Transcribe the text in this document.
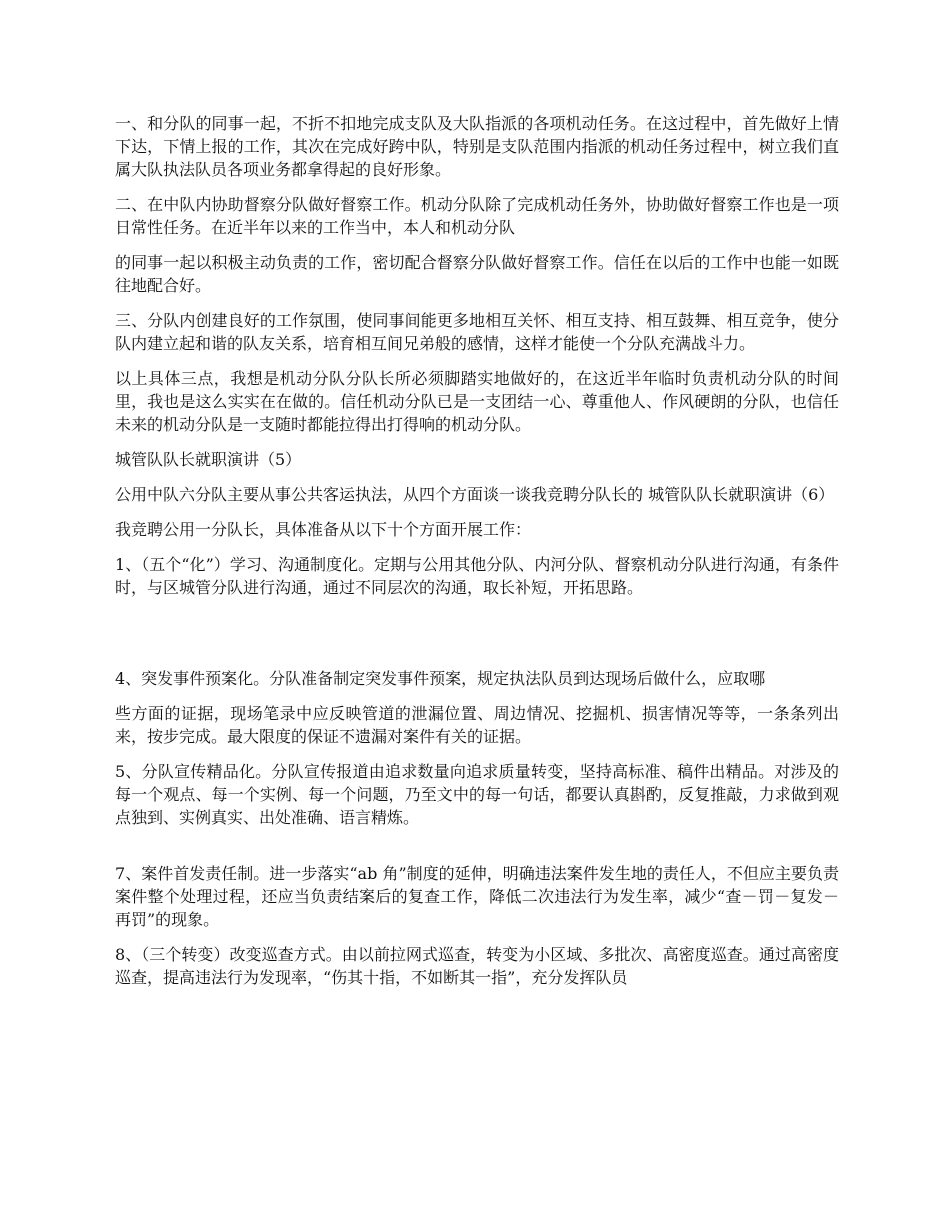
一、和分队的同事一起，不折不扣地完成支队及大队指派的各项机动任务。在这过程中，首先做好上情下达，下情上报的工作，其次在完成好跨中队，特别是支队范围内指派的机动任务过程中，树立我们直属大队执法队员各项业务都拿得起的良好形象。

二、在中队内协助督察分队做好督察工作。机动分队除了完成机动任务外，协助做好督察工作也是一项日常性任务。在近半年以来的工作当中，本人和机动分队

的同事一起以积极主动负责的工作，密切配合督察分队做好督察工作。信任在以后的工作中也能一如既往地配合好。

三、分队内创建良好的工作氛围，使同事间能更多地相互关怀、相互支持、相互鼓舞、相互竞争，使分队内建立起和谐的队友关系，培育相互间兄弟般的感情，这样才能使一个分队充满战斗力。

以上具体三点，我想是机动分队分队长所必须脚踏实地做好的，在这近半年临时负责机动分队的时间里，我也是这么实实在在做的。信任机动分队已是一支团结一心、尊重他人、作风硬朗的分队，也信任未来的机动分队是一支随时都能拉得出打得响的机动分队。

城管队队长就职演讲（5）

公用中队六分队主要从事公共客运执法，从四个方面谈一谈我竞聘分队长的 城管队队长就职演讲（6）

我竞聘公用一分队长，具体准备从以下十个方面开展工作：

1、（五个“化”）学习、沟通制度化。定期与公用其他分队、内河分队、督察机动分队进行沟通，有条件时，与区城管分队进行沟通，通过不同层次的沟通，取长补短，开拓思路。

4、突发事件预案化。分队准备制定突发事件预案，规定执法队员到达现场后做什么，应取哪

些方面的证据，现场笔录中应反映管道的泄漏位置、周边情况、挖掘机、损害情况等等，一条条列出来，按步完成。最大限度的保证不遗漏对案件有关的证据。

5、分队宣传精品化。分队宣传报道由追求数量向追求质量转变，坚持高标准、稿件出精品。对涉及的每一个观点、每一个实例、每一个问题，乃至文中的每一句话，都要认真斟酌，反复推敲，力求做到观点独到、实例真实、出处准确、语言精炼。

7、案件首发责任制。进一步落实“ab 角”制度的延伸，明确违法案件发生地的责任人，不但应主要负责案件整个处理过程，还应当负责结案后的复查工作，降低二次违法行为发生率，减少“查－罚－复发－再罚”的现象。

8、（三个转变）改变巡查方式。由以前拉网式巡查，转变为小区域、多批次、高密度巡查。通过高密度巡查，提高违法行为发现率，“伤其十指，不如断其一指”，充分发挥队员
